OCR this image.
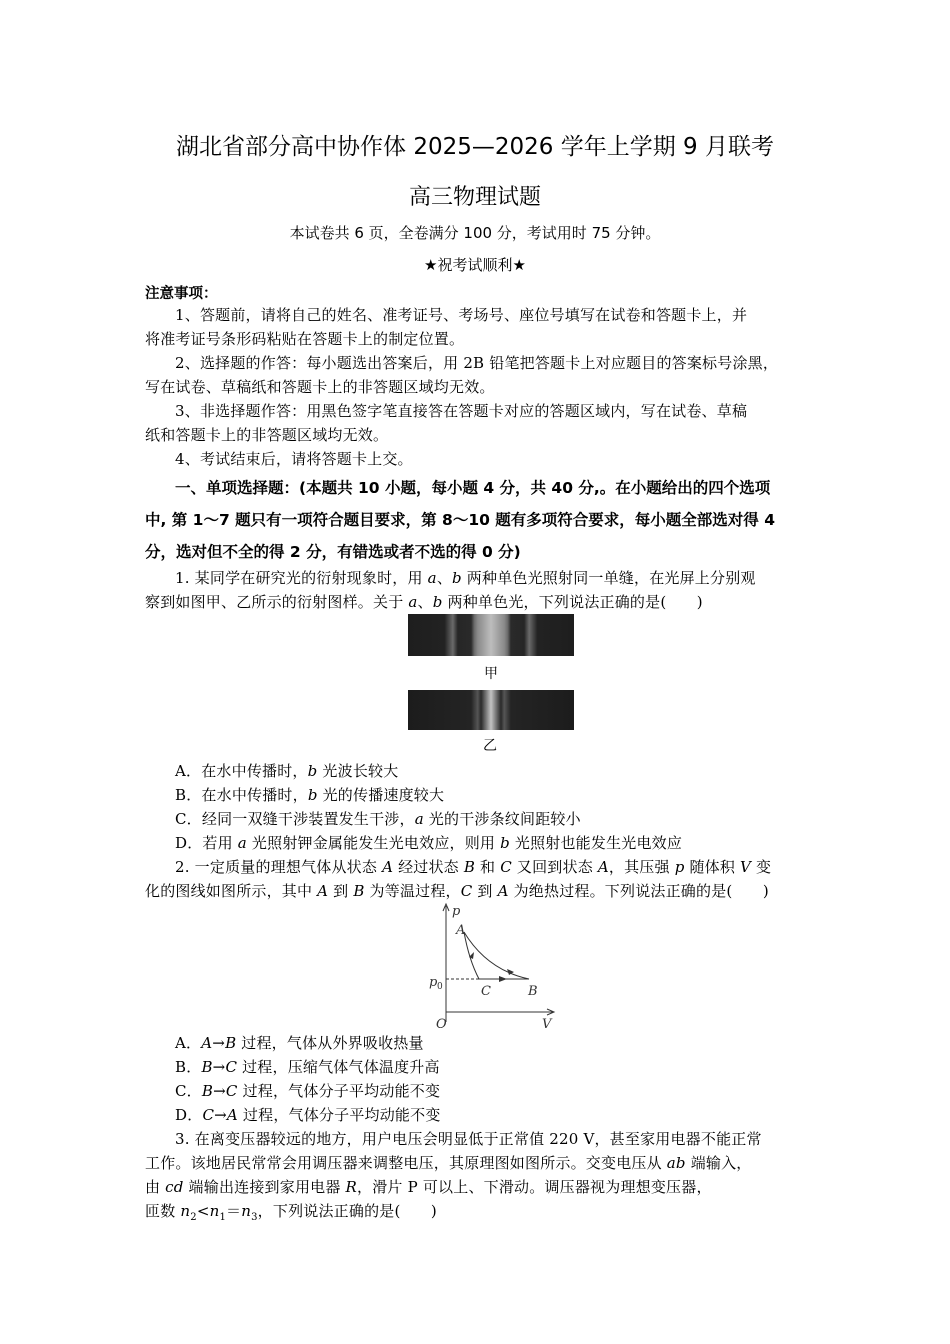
湖北省部分高中协作体 2025—2026 学年上学期 9 月联考
高三物理试题
本试卷共 6 页，全卷满分 100 分，考试用时 75 分钟。
★祝考试顺利★
注意事项：
1、答题前，请将自己的姓名、准考证号、考场号、座位号填写在试卷和答题卡上，并
将准考证号条形码粘贴在答题卡上的制定位置。
2、选择题的作答：每小题选出答案后，用 2B 铅笔把答题卡上对应题目的答案标号涂黑，
写在试卷、草稿纸和答题卡上的非答题区域均无效。
3、非选择题作答：用黑色签字笔直接答在答题卡对应的答题区域内，写在试卷、草稿
纸和答题卡上的非答题区域均无效。
4、考试结束后，请将答题卡上交。
一、单项选择题：(本题共 10 小题，每小题 4 分，共 40 分,。在小题给出的四个选项
中, 第 1～7 题只有一项符合题目要求，第 8～10 题有多项符合要求，每小题全部选对得 4
分，选对但不全的得 2 分，有错选或者不选的得 0 分)
1. 某同学在研究光的衍射现象时，用 a、b 两种单色光照射同一单缝，在光屏上分别观
察到如图甲、乙所示的衍射图样。关于 a、b 两种单色光，下列说法正确的是(　　)
甲
乙
A．在水中传播时，b 光波长较大
B．在水中传播时，b 光的传播速度较大
C．经同一双缝干涉装置发生干涉，a 光的干涉条纹间距较小
D．若用 a 光照射钾金属能发生光电效应，则用 b 光照射也能发生光电效应
2. 一定质量的理想气体从状态 A 经过状态 B 和 C 又回到状态 A，其压强 p 随体积 V 变
化的图线如图所示，其中 A 到 B 为等温过程，C 到 A 为绝热过程。下列说法正确的是(　　)
p
A
B
C
p 0
O	V
A．A→B 过程，气体从外界吸收热量
B．B→C 过程，压缩气体气体温度升高
C．B→C 过程，气体分子平均动能不变
D．C→A 过程，气体分子平均动能不变
3. 在离变压器较远的地方，用户电压会明显低于正常值 220 V，甚至家用电器不能正常
工作。该地居民常常会用调压器来调整电压，其原理图如图所示。交变电压从 ab 端输入，
由 cd 端输出连接到家用电器 R，滑片 P 可以上、下滑动。调压器视为理想变压器，
匝数 $n_2<n_1=n_3$，下列说法正确的是(　　)
